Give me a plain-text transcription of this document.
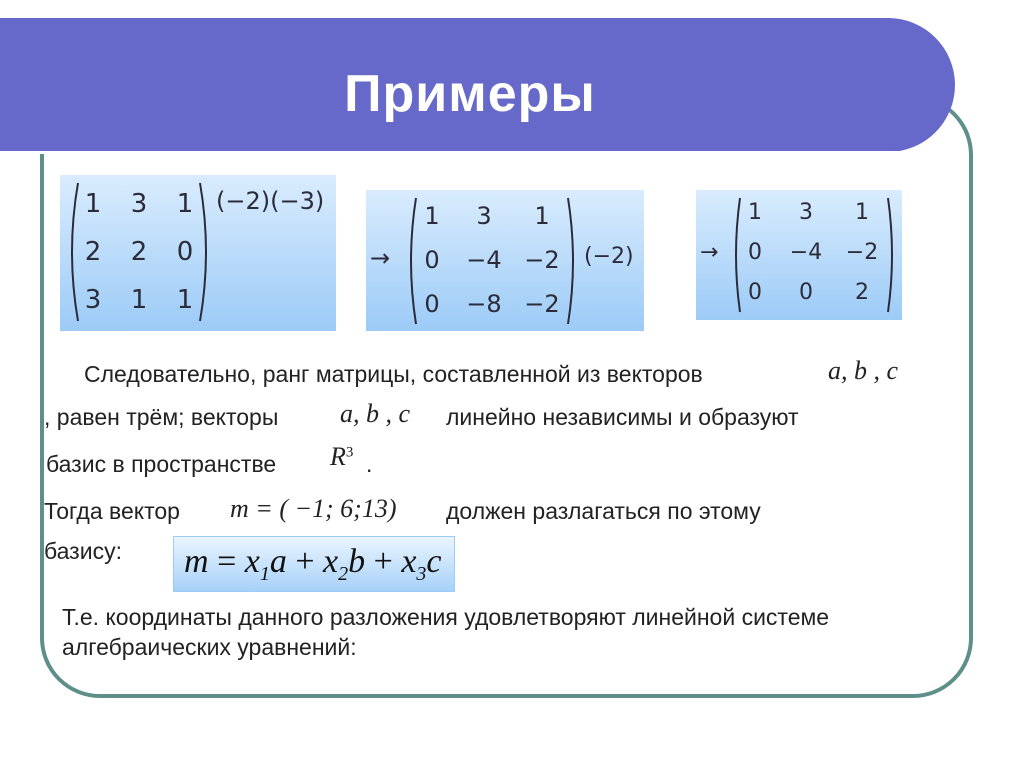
Примеры
1 3 1
2 2 0
3 1 1
(−2)(−3)
→
1	3	1
0	−4 −2
0	−8 −2
(−2)	→
1	3	1
0	−4 −2
0	0	2
Следовательно, ранг матрицы, составленной из векторов	a, b , c
, равен трём; векторы a, b , c линейно независимы и образуют
базис в пространстве $R^3$ .
Тогда вектор m = ( −1; 6;13) должен разлагаться по этому
базису: $m = x_1a + x_2b + x_3c$
Т.е. координаты данного разложения удовлетворяют линейной системе
алгебраических уравнений:
